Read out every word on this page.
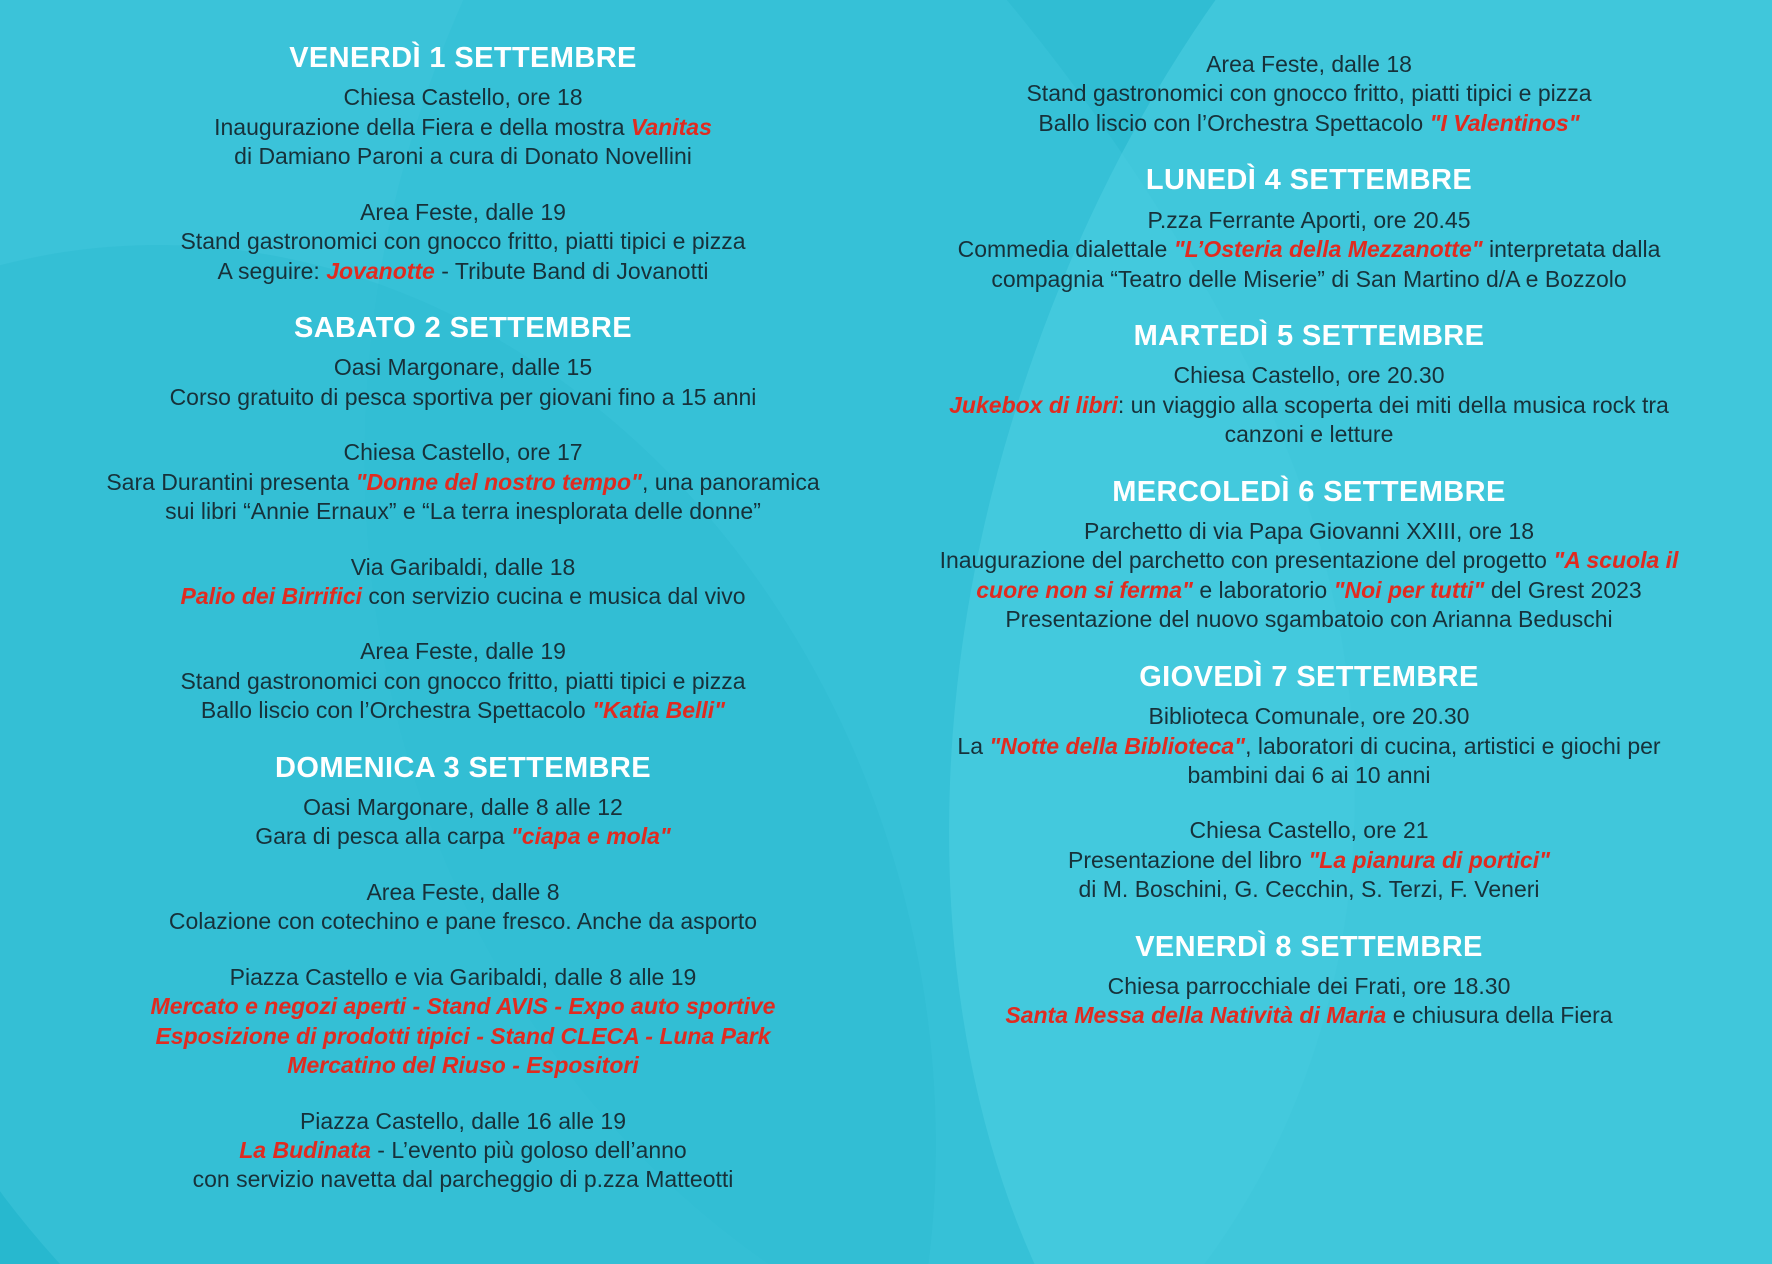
VENERDÌ 1 SETTEMBRE

Chiesa Castello, ore 18

Inaugurazione della Fiera e della mostra Vanitas

di Damiano Paroni a cura di Donato Novellini

Area Feste, dalle 19

Stand gastronomici con gnocco fritto, piatti tipici e pizza

A seguire: Jovanotte - Tribute Band di Jovanotti

SABATO 2 SETTEMBRE

Oasi Margonare, dalle 15

Corso gratuito di pesca sportiva per giovani fino a 15 anni

Chiesa Castello, ore 17

Sara Durantini presenta "Donne del nostro tempo", una panoramica

sui libri “Annie Ernaux” e “La terra inesplorata delle donne”

Via Garibaldi, dalle 18

Palio dei Birrifici con servizio cucina e musica dal vivo

Area Feste, dalle 19

Stand gastronomici con gnocco fritto, piatti tipici e pizza

Ballo liscio con l’Orchestra Spettacolo "Katia Belli"

DOMENICA 3 SETTEMBRE

Oasi Margonare, dalle 8 alle 12

Gara di pesca alla carpa "ciapa e mola"

Area Feste, dalle 8

Colazione con cotechino e pane fresco. Anche da asporto

Piazza Castello e via Garibaldi, dalle 8 alle 19

Mercato e negozi aperti - Stand AVIS - Expo auto sportive

Esposizione di prodotti tipici - Stand CLECA - Luna Park

Mercatino del Riuso - Espositori

Piazza Castello, dalle 16 alle 19

La Budinata - L’evento più goloso dell’anno

con servizio navetta dal parcheggio di p.zza Matteotti

Area Feste, dalle 18

Stand gastronomici con gnocco fritto, piatti tipici e pizza

Ballo liscio con l’Orchestra Spettacolo "I Valentinos"

LUNEDÌ 4 SETTEMBRE

P.zza Ferrante Aporti, ore 20.45

Commedia dialettale "L’Osteria della Mezzanotte" interpretata dalla

compagnia “Teatro delle Miserie” di San Martino d/A e Bozzolo

MARTEDÌ 5 SETTEMBRE

Chiesa Castello, ore 20.30

Jukebox di libri: un viaggio alla scoperta dei miti della musica rock tra

canzoni e letture

MERCOLEDÌ 6 SETTEMBRE

Parchetto di via Papa Giovanni XXIII, ore 18

Inaugurazione del parchetto con presentazione del progetto "A scuola il

cuore non si ferma" e laboratorio "Noi per tutti" del Grest 2023

Presentazione del nuovo sgambatoio con Arianna Beduschi

GIOVEDÌ 7 SETTEMBRE

Biblioteca Comunale, ore 20.30

La "Notte della Biblioteca", laboratori di cucina, artistici e giochi per

bambini dai 6 ai 10 anni

Chiesa Castello, ore 21

Presentazione del libro "La pianura di portici"

di M. Boschini, G. Cecchin, S. Terzi, F. Veneri

VENERDÌ 8 SETTEMBRE

Chiesa parrocchiale dei Frati, ore 18.30

Santa Messa della Natività di Maria e chiusura della Fiera
